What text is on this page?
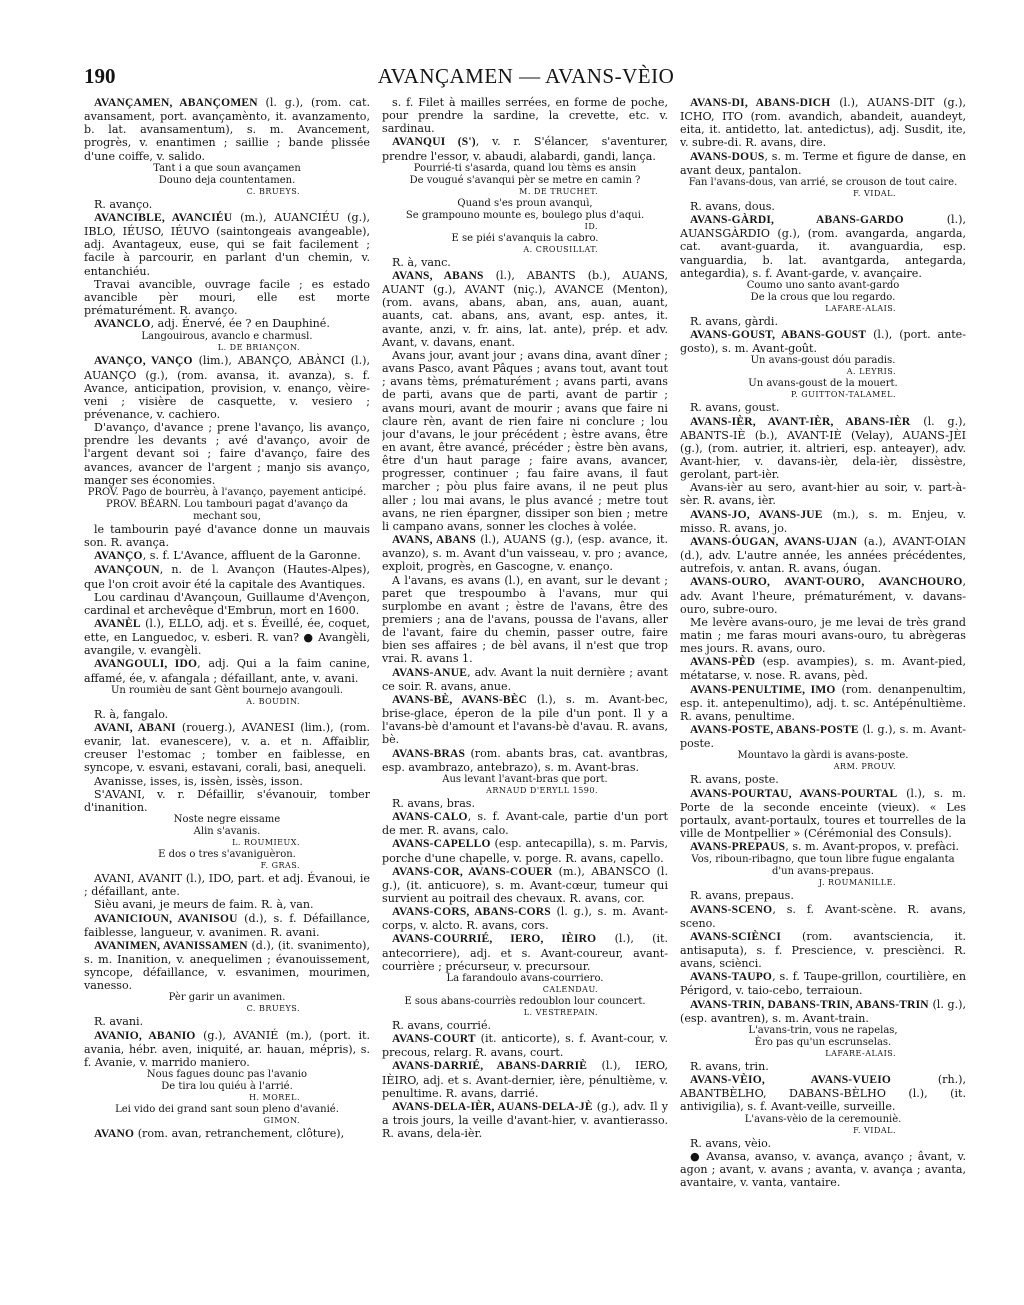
190	AVANÇAMEN — AVANS-VÈIO

AVANÇAMEN, ABANÇOMEN (l. g.), (rom. cat. avansament, port. avançamènto, it. avanzamento, b. lat. avansamentum), s. m. Avancement, progrès, v. enantimen ; saillie ; bande plissée d'une coiffe, v. salido.

Tant i a que soun avançamen
Douno deja countentamen.
C. BRUEYS.

R. avanço.

AVANCIBLE, AVANCIÉU (m.), AUANCIÉU (g.), IBLO, IÉUSO, IÉUVO (saintongeais avangeable), adj. Avantageux, euse, qui se fait facilement ; facile à parcourir, en parlant d'un chemin, v. entanchiéu.

Travai avancible, ouvrage facile ; es estado avancible pèr mouri, elle est morte prématurément. R. avanço.

AVANCLO, adj. Énervé, ée ? en Dauphiné.

Langouirous, avanclo e charmusl.
L. DE BRIANÇON.

AVANÇO, VANÇO (lim.), ABANÇO, ABÀNCI (l.), AUANÇO (g.), (rom. avansa, it. avanza), s. f. Avance, anticipation, provision, v. enanço, vèire-veni ; visière de casquette, v. vesiero ; prévenance, v. cachiero.

D'avanço, d'avance ; prene l'avanço, lis avanço, prendre les devants ; avé d'avanço, avoir de l'argent devant soi ; faire d'avanço, faire des avances, avancer de l'argent ; manjo sis avanço, manger ses économies.

PROV. Pago de bourrèu, à l'avanço, payement anticipé.
PROV. BÉARN. Lou tambouri pagat d'avanço da mechant sou,

le tambourin payé d'avance donne un mauvais son. R. avança.

AVANÇO, s. f. L'Avance, affluent de la Garonne.

AVANÇOUN, n. de l. Avançon (Hautes-Alpes), que l'on croit avoir été la capitale des Avantiques.

Lou cardinau d'Avançoun, Guillaume d'Avençon, cardinal et archevêque d'Embrun, mort en 1600.

AVANÈL (l.), ELLO, adj. et s. Éveillé, ée, coquet, ette, en Languedoc, v. esberi. R. van? ● Avangèli, avangile, v. evangèli.

AVANGOULI, IDO, adj. Qui a la faim canine, affamé, ée, v. afangala ; défaillant, ante, v. avani.

Un roumièu de sant Gènt bournejo avangouli.
A. BOUDIN.

R. à, fangalo.

AVANI, ABANI (rouerg.), AVANESI (lim.), (rom. evanir, lat. evanescere), v. a. et n. Affaiblir, creuser l'estomac ; tomber en faiblesse, en syncope, v. esvani, estavani, corali, basi, anequeli.

Avanisse, isses, is, issèn, issès, isson.

S'AVANI, v. r. Défaillir, s'évanouir, tomber d'inanition.

Noste negre eissame
Alin s'avanis.
L. ROUMIEUX.
E dos o tres s'avaniguèron.
F. GRAS.

AVANI, AVANIT (l.), IDO, part. et adj. Évanoui, ie ; défaillant, ante.

Sièu avani, je meurs de faim. R. à, van.

AVANICIOUN, AVANISOU (d.), s. f. Défaillance, faiblesse, langueur, v. avanimen. R. avani.

AVANIMEN, AVANISSAMEN (d.), (it. svanimento), s. m. Inanition, v. anequelimen ; évanouissement, syncope, défaillance, v. esvanimen, mourimen, vanesso.

Pèr garir un avanimen.
C. BRUEYS.

R. avani.

AVANIO, ABANIO (g.), AVANIÉ (m.), (port. it. avania, hébr. aven, iniquité, ar. hauan, mépris), s. f. Avanie, v. marrido maniero.

Nous fagues dounc pas l'avanio
De tira lou quiéu à l'arrié.
H. MOREL.
Lei vido dei grand sant soun pleno d'avanié.
GIMON.

AVANO (rom. avan, retranchement, clôture),

s. f. Filet à mailles serrées, en forme de poche, pour prendre la sardine, la crevette, etc. v. sardinau.

AVANQUI (S'), v. r. S'élancer, s'aventurer, prendre l'essor, v. abaudi, alabardi, gandi, lança.

Pourrié-ti s'asarda, quand lou tèms es ansin
De vougué s'avanqui pèr se metre en camin ?
M. DE TRUCHET.
Quand s'es proun avanquì,
Se grampouno mounte es, boulego plus d'aqui.
ID.
E se piéi s'avanquis la cabro.
A. CROUSILLAT.

R. à, vanc.

AVANS, ABANS (l.), ABANTS (b.), AUANS, AUANT (g.), AVANT (niç.), AVANCE (Menton), (rom. avans, abans, aban, ans, auan, auant, auants, cat. abans, ans, avant, esp. antes, it. avante, anzi, v. fr. ains, lat. ante), prép. et adv. Avant, v. davans, enant.

Avans jour, avant jour ; avans dina, avant dîner ; avans Pasco, avant Pâques ; avans tout, avant tout ; avans tèms, prématurément ; avans parti, avans de parti, avans que de parti, avant de partir ; avans mouri, avant de mourir ; avans que faire ni claure rèn, avant de rien faire ni conclure ; lou jour d'avans, le jour précédent ; èstre avans, être en avant, être avancé, précéder ; èstre bèn avans, être d'un haut parage ; faire avans, avancer, progresser, continuer ; fau faire avans, il faut marcher ; pòu plus faire avans, il ne peut plus aller ; lou mai avans, le plus avancé ; metre tout avans, ne rien épargner, dissiper son bien ; metre li campano avans, sonner les cloches à volée.

AVANS, ABANS (l.), AUANS (g.), (esp. avance, it. avanzo), s. m. Avant d'un vaisseau, v. pro ; avance, exploit, progrès, en Gascogne, v. enanço.

A l'avans, es avans (l.), en avant, sur le devant ; paret que trespoumbo à l'avans, mur qui surplombe en avant ; èstre de l'avans, être des premiers ; ana de l'avans, poussa de l'avans, aller de l'avant, faire du chemin, passer outre, faire bien ses affaires ; de bèl avans, il n'est que trop vrai. R. avans 1.

AVANS-ANUE, adv. Avant la nuit dernière ; avant ce soir. R. avans, anue.

AVANS-BÈ, AVANS-BÈC (l.), s. m. Avant-bec, brise-glace, éperon de la pile d'un pont. Il y a l'avans-bè d'amount et l'avans-bè d'avau. R. avans, bè.

AVANS-BRAS (rom. abants bras, cat. avantbras, esp. avambrazo, antebrazo), s. m. Avant-bras.

Aus levant l'avant-bras que port.
ARNAUD D'ERYLL 1590.

R. avans, bras.

AVANS-CALO, s. f. Avant-cale, partie d'un port de mer. R. avans, calo.

AVANS-CAPELLO (esp. antecapilla), s. m. Parvis, porche d'une chapelle, v. porge. R. avans, capello.

AVANS-COR, AVANS-COUER (m.), ABANSCO (l. g.), (it. anticuore), s. m. Avant-cœur, tumeur qui survient au poitrail des chevaux. R. avans, cor.

AVANS-CORS, ABANS-CORS (l. g.), s. m. Avant-corps, v. alcto. R. avans, cors.

AVANS-COURRIÉ, IERO, IÈIRO (l.), (it. antecorriere), adj. et s. Avant-coureur, avant-courrière ; précurseur, v. precursour.

La farandoulo avans-courriero.
CALENDAU.
E sous abans-courriès redoublon lour councert.
L. VESTREPAIN.

R. avans, courrié.

AVANS-COURT (it. anticorte), s. f. Avant-cour, v. precous, relarg. R. avans, court.

AVANS-DARRIÉ, ABANS-DARRIÈ (l.), IERO, IÈIRO, adj. et s. Avant-dernier, ière, pénultième, v. penultime. R. avans, darrié.

AVANS-DELA-IÈR, AUANS-DELA-JÈ (g.), adv. Il y a trois jours, la veille d'avant-hier, v. avantierasso. R. avans, dela-ièr.

AVANS-DI, ABANS-DICH (l.), AUANS-DIT (g.), ICHO, ITO (rom. avandich, abandeit, auandeyt, eita, it. antidetto, lat. antedictus), adj. Susdit, ite, v. subre-di. R. avans, dire.

AVANS-DOUS, s. m. Terme et figure de danse, en avant deux, pantalon.

Fan l'avans-dous, van arrié, se crouson de tout caire.
F. VIDAL.

R. avans, dous.

AVANS-GÀRDI, ABANS-GARDO (l.), AUANSGÀRDIO (g.), (rom. avangarda, angarda, cat. avant-guarda, it. avanguardia, esp. vanguardia, b. lat. avantgarda, antegarda, antegardia), s. f. Avant-garde, v. avançaire.

Coumo uno santo avant-gardo
De la crous que lou regardo.
LAFARE-ALAIS.

R. avans, gàrdi.

AVANS-GOUST, ABANS-GOUST (l.), (port. ante-gosto), s. m. Avant-goût.

Un avans-goust dóu paradis.
A. LEYRIS.
Un avans-goust de la mouert.
P. GUITTON-TALAMEL.

R. avans, goust.

AVANS-IÈR, AVANT-IÈR, ABANS-IÈR (l. g.), ABANTS-IÈ (b.), AVANT-IÈ (Velay), AUANS-JÈI (g.), (rom. autrier, it. altrieri, esp. anteayer), adv. Avant-hier, v. davans-ièr, dela-ièr, dissèstre, gerolant, part-ièr.

Avans-ièr au sero, avant-hier au soir, v. part-à-sèr. R. avans, ièr.

AVANS-JO, AVANS-JUE (m.), s. m. Enjeu, v. misso. R. avans, jo.

AVANS-ÓUGAN, AVANS-UJAN (a.), AVANT-OIAN (d.), adv. L'autre année, les années précédentes, autrefois, v. antan. R. avans, óugan.

AVANS-OURO, AVANT-OURO, AVANCHOURO, adv. Avant l'heure, prématurément, v. davans-ouro, subre-ouro.

Me levère avans-ouro, je me levai de très grand matin ; me faras mouri avans-ouro, tu abrègeras mes jours. R. avans, ouro.

AVANS-PÈD (esp. avampies), s. m. Avant-pied, métatarse, v. nose. R. avans, pèd.

AVANS-PENULTIME, IMO (rom. denanpenultim, esp. it. antepenultimo), adj. t. sc. Antépénultième. R. avans, penultime.

AVANS-POSTE, ABANS-POSTE (l. g.), s. m. Avant-poste.

Mountavo la gàrdi is avans-poste.
ARM. PROUV.

R. avans, poste.

AVANS-POURTAU, AVANS-POURTAL (l.), s. m. Porte de la seconde enceinte (vieux). « Les portaulx, avant-portaulx, toures et tourrelles de la ville de Montpellier » (Cérémonial des Consuls).

AVANS-PREPAUS, s. m. Avant-propos, v. prefàci.

Vos, riboun-ribagno, que toun libre fugue engalanta d'un avans-prepaus.
J. ROUMANILLE.

R. avans, prepaus.

AVANS-SCENO, s. f. Avant-scène. R. avans, sceno.

AVANS-SCIÈNCI (rom. avantsciencia, it. antisaputa), s. f. Prescience, v. presciènci. R. avans, sciènci.

AVANS-TAUPO, s. f. Taupe-grillon, courtilière, en Périgord, v. taio-cebo, terraioun.

AVANS-TRIN, DABANS-TRIN, ABANS-TRIN (l. g.), (esp. avantren), s. m. Avant-train.

L'avans-trin, vous ne rapelas,
Èro pas qu'un escrunselas.
LAFARE-ALAIS.

R. avans, trin.

AVANS-VÈIO, AVANS-VUEIO (rh.), ABANTBÈLHO, DABANS-BÈLHO (l.), (it. antivigilia), s. f. Avant-veille, surveille.

L'avans-vèio de la ceremouniè.
F. VIDAL.

R. avans, vèio.

● Avansa, avanso, v. avança, avanço ; âvant, v. agon ; avant, v. avans ; avanta, v. avança ; avanta, avantaire, v. vanta, vantaire.
